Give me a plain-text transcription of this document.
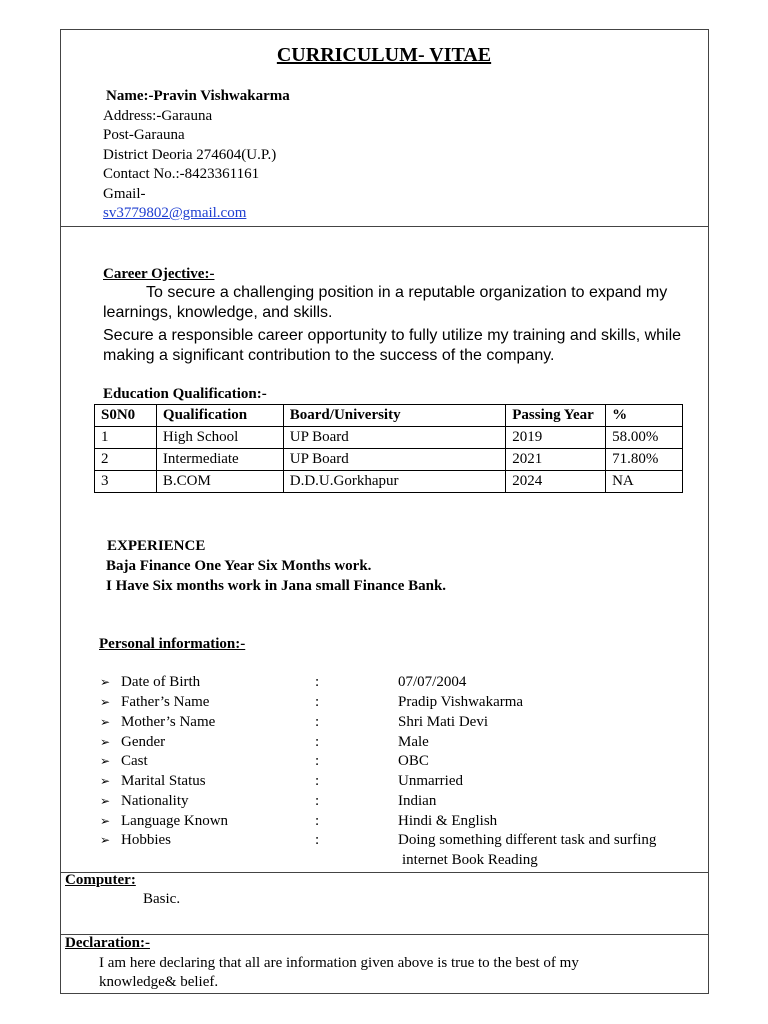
CURRICULUM- VITAE
Name:-Pravin Vishwakarma
Address:-Garauna
Post-Garauna
District Deoria 274604(U.P.)
Contact No.:-8423361161
Gmail-
sv3779802@gmail.com
Career Ojective:-
To secure a challenging position in a reputable organization to expand my
learnings, knowledge, and skills.
Secure a responsible career opportunity to fully utilize my training and skills, while
making a significant contribution to the success of the company.
Education Qualification:-
S0N0	Qualification	Board/University	Passing Year	%
1	High School	UP Board	2019	58.00%
2	Intermediate	UP Board	2021	71.80%
3	B.COM	D.D.U.Gorkhapur	2024	NA
EXPERIENCE
Baja Finance One Year Six Months work.
I Have Six months work in Jana small Finance Bank.
Personal information:-
➢ Date of Birth	:	07/07/2004
➢ Father’s Name	:	Pradip Vishwakarma
➢ Mother’s Name	:	Shri Mati Devi
➢ Gender	:	Male
➢ Cast	:	OBC
➢ Marital Status	:	Unmarried
➢ Nationality	:	Indian
➢ Language Known	:	Hindi & English
➢ Hobbies	:	Doing something different task and surfing
internet Book Reading
Computer:
Basic.
Declaration:-
I am here declaring that all are information given above is true to the best of my
knowledge& belief.
